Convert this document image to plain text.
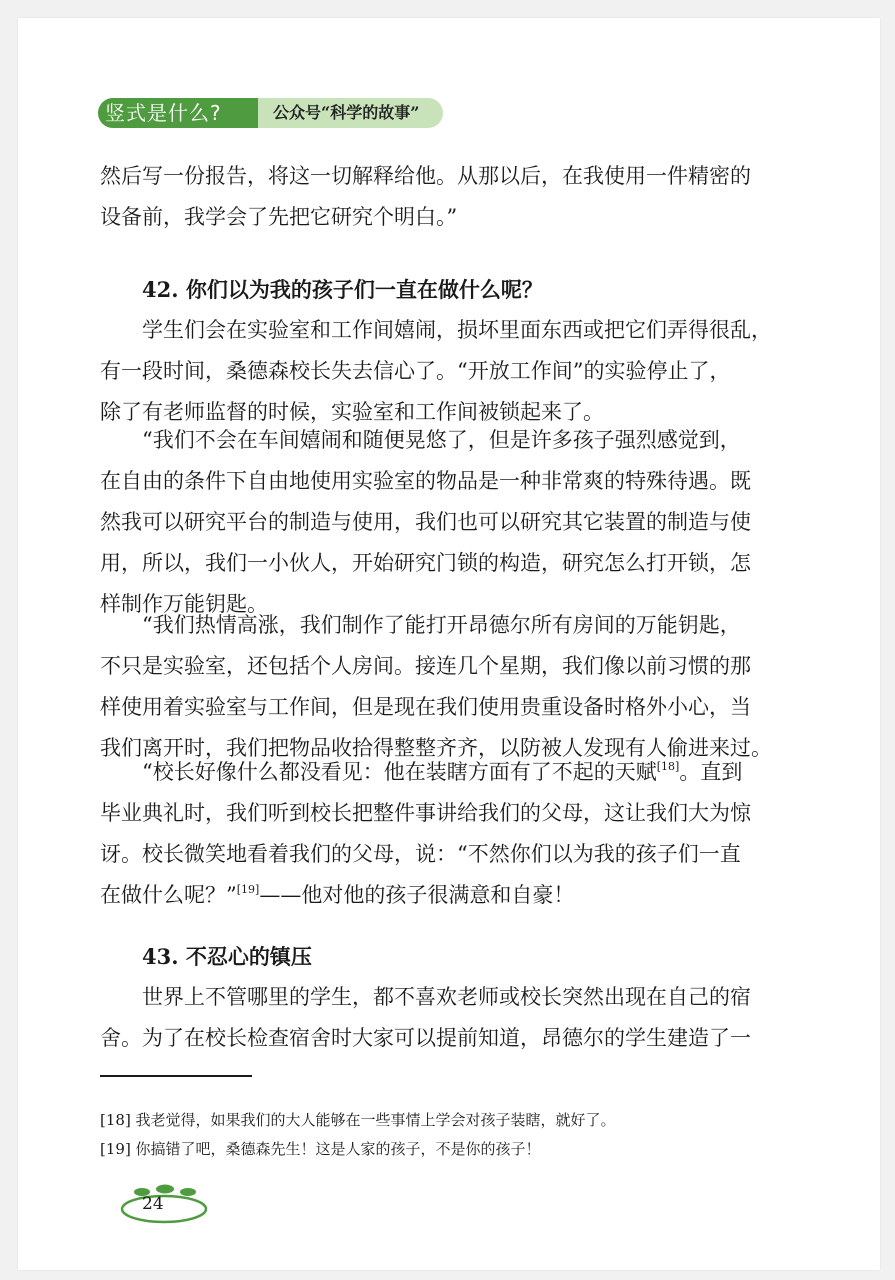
竖式是什么?	公众号“科学的故事”
然后写一份报告，将这一切解释给他。从那以后，在我使用一件精密的
设备前，我学会了先把它研究个明白。”
42. 你们以为我的孩子们一直在做什么呢？
　　学生们会在实验室和工作间嬉闹，损坏里面东西或把它们弄得很乱，
有一段时间，桑德森校长失去信心了。“开放工作间”的实验停止了，
除了有老师监督的时候，实验室和工作间被锁起来了。
　　“我们不会在车间嬉闹和随便晃悠了，但是许多孩子强烈感觉到，
在自由的条件下自由地使用实验室的物品是一种非常爽的特殊待遇。既
然我可以研究平台的制造与使用，我们也可以研究其它装置的制造与使
用，所以，我们一小伙人，开始研究门锁的构造，研究怎么打开锁，怎
样制作万能钥匙。
　　“我们热情高涨，我们制作了能打开昂德尔所有房间的万能钥匙，
不只是实验室，还包括个人房间。接连几个星期，我们像以前习惯的那
样使用着实验室与工作间，但是现在我们使用贵重设备时格外小心，当
我们离开时，我们把物品收拾得整整齐齐，以防被人发现有人偷进来过。
　　“校长好像什么都没看见：他在装瞎方面有了不起的天赋[18]。直到
毕业典礼时，我们听到校长把整件事讲给我们的父母，这让我们大为惊
讶。校长微笑地看着我们的父母，说：“不然你们以为我的孩子们一直
在做什么呢？”[19]——他对他的孩子很满意和自豪！
43. 不忍心的镇压
　　世界上不管哪里的学生，都不喜欢老师或校长突然出现在自己的宿
舍。为了在校长检查宿舍时大家可以提前知道，昂德尔的学生建造了一
[18] 我老觉得，如果我们的大人能够在一些事情上学会对孩子装瞎，就好了。
[19] 你搞错了吧，桑德森先生！这是人家的孩子，不是你的孩子！
24
